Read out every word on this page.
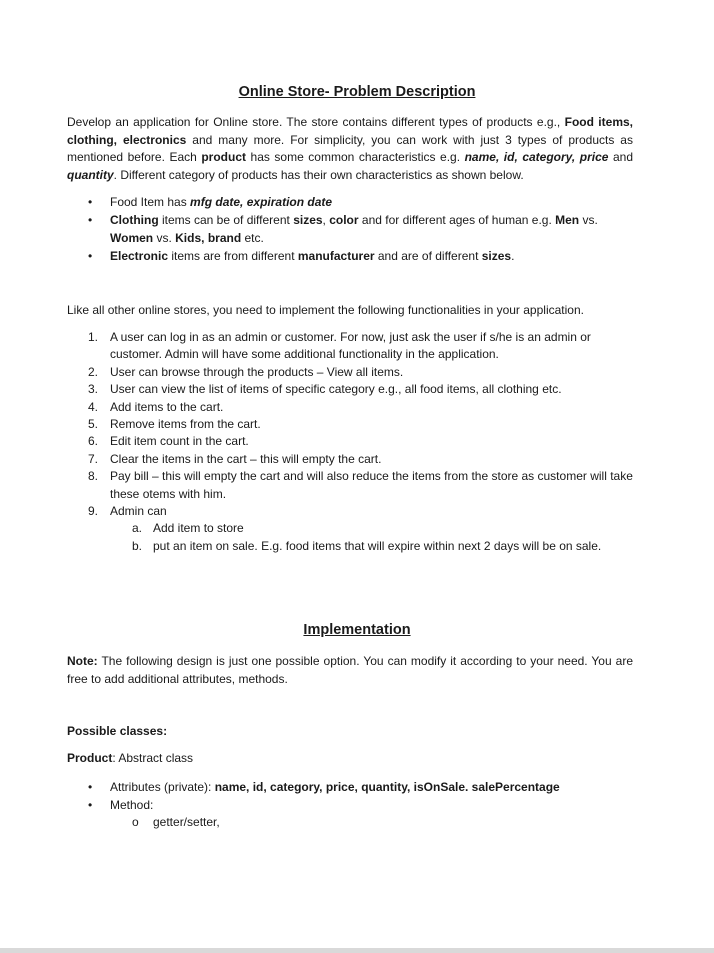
Online Store- Problem Description

Develop an application for Online store. The store contains different types of products e.g., Food items, clothing, electronics and many more. For simplicity, you can work with just 3 types of products as mentioned before. Each product has some common characteristics e.g. name, id, category, price and quantity. Different category of products has their own characteristics as shown below.

• Food Item has mfg date, expiration date
• Clothing items can be of different sizes, color and for different ages of human e.g. Men vs. Women vs. Kids, brand etc.
• Electronic items are from different manufacturer and are of different sizes.

Like all other online stores, you need to implement the following functionalities in your application.

1. A user can log in as an admin or customer. For now, just ask the user if s/he is an admin or customer. Admin will have some additional functionality in the application.
2. User can browse through the products – View all items.
3. User can view the list of items of specific category e.g., all food items, all clothing etc.
4. Add items to the cart.
5. Remove items from the cart.
6. Edit item count in the cart.
7. Clear the items in the cart – this will empty the cart.
8. Pay bill – this will empty the cart and will also reduce the items from the store as customer will take these otems with him.
9. Admin can
a. Add item to store
b. put an item on sale. E.g. food items that will expire within next 2 days will be on sale.
Implementation

Note: The following design is just one possible option. You can modify it according to your need. You are free to add additional attributes, methods.

Possible classes:
Product: Abstract class
• Attributes (private): name, id, category, price, quantity, isOnSale. salePercentage
• Method:
o getter/setter,
